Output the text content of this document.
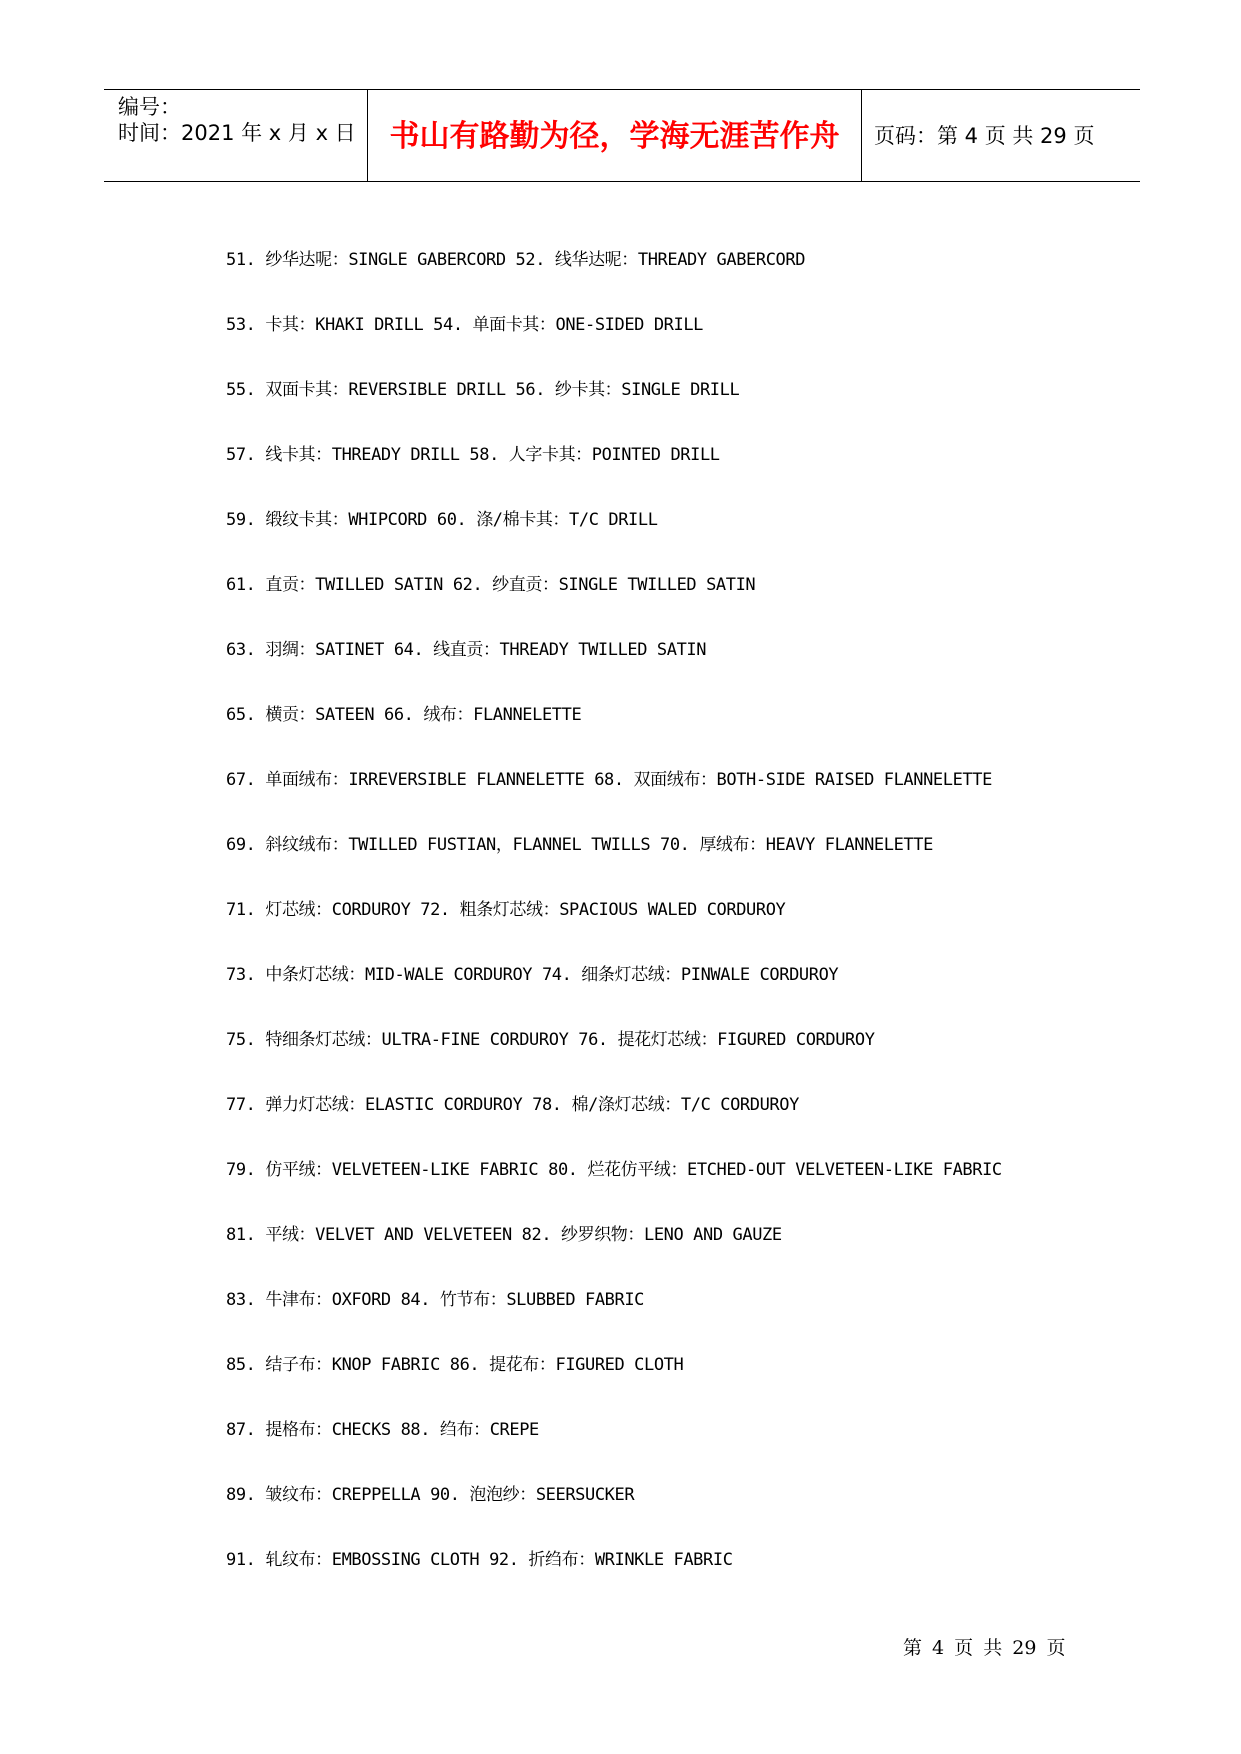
编号：
时间：2021 年 x 月 x 日	书山有路勤为径，学海无涯苦作舟	页码：第 4 页 共 29 页
51. 纱华达呢：SINGLE GABERCORD 52. 线华达呢：THREADY GABERCORD
53. 卡其：KHAKI DRILL 54. 单面卡其：ONE-SIDED DRILL
55. 双面卡其：REVERSIBLE DRILL 56. 纱卡其：SINGLE DRILL
57. 线卡其：THREADY DRILL 58. 人字卡其：POINTED DRILL
59. 缎纹卡其：WHIPCORD 60. 涤/棉卡其：T/C DRILL
61. 直贡：TWILLED SATIN 62. 纱直贡：SINGLE TWILLED SATIN
63. 羽绸：SATINET 64. 线直贡：THREADY TWILLED SATIN
65. 横贡：SATEEN 66. 绒布：FLANNELETTE
67. 单面绒布：IRREVERSIBLE FLANNELETTE 68. 双面绒布：BOTH-SIDE RAISED FLANNELETTE
69. 斜纹绒布：TWILLED FUSTIAN，FLANNEL TWILLS 70. 厚绒布：HEAVY FLANNELETTE
71. 灯芯绒：CORDUROY 72. 粗条灯芯绒：SPACIOUS WALED CORDUROY
73. 中条灯芯绒：MID-WALE CORDUROY 74. 细条灯芯绒：PINWALE CORDUROY
75. 特细条灯芯绒：ULTRA-FINE CORDUROY 76. 提花灯芯绒：FIGURED CORDUROY
77. 弹力灯芯绒：ELASTIC CORDUROY 78. 棉/涤灯芯绒：T/C CORDUROY
79. 仿平绒：VELVETEEN-LIKE FABRIC 80. 烂花仿平绒：ETCHED-OUT VELVETEEN-LIKE FABRIC
81. 平绒：VELVET AND VELVETEEN 82. 纱罗织物：LENO AND GAUZE
83. 牛津布：OXFORD 84. 竹节布：SLUBBED FABRIC
85. 结子布：KNOP FABRIC 86. 提花布：FIGURED CLOTH
87. 提格布：CHECKS 88. 绉布：CREPE
89. 皱纹布：CREPPELLA 90. 泡泡纱：SEERSUCKER
91. 轧纹布：EMBOSSING CLOTH 92. 折绉布：WRINKLE FABRIC
第 4 页 共 29 页
